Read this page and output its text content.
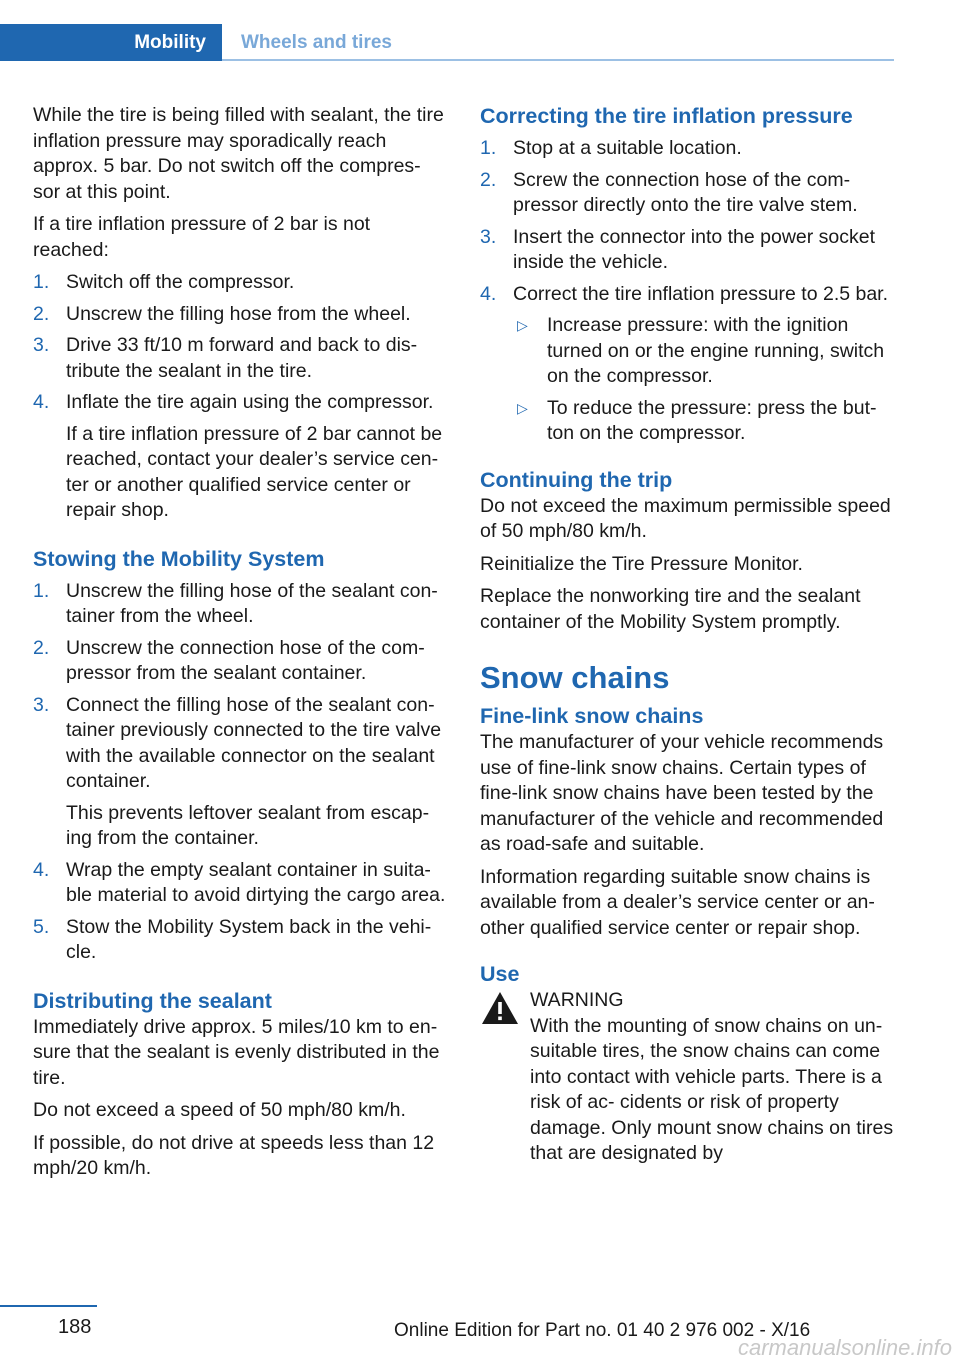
Mobility	Wheels and tires

While the tire is being filled with sealant, the tire inflation pressure may sporadically reach approx. 5 bar. Do not switch off the compres‐ sor at this point.

If a tire inflation pressure of 2 bar is not reached:

1. Switch off the compressor.
2. Unscrew the filling hose from the wheel.
3. Drive 33 ft/10 m forward and back to dis‐ tribute the sealant in the tire.
4. Inflate the tire again using the compressor.
If a tire inflation pressure of 2 bar cannot be reached, contact your dealer’s service cen‐ ter or another qualified service center or repair shop.
Stowing the Mobility System
1. Unscrew the filling hose of the sealant con‐ tainer from the wheel.
2. Unscrew the connection hose of the com‐ pressor from the sealant container.
3. Connect the filling hose of the sealant con‐ tainer previously connected to the tire valve with the available connector on the sealant container.
This prevents leftover sealant from escap‐ ing from the container.
4. Wrap the empty sealant container in suita‐ ble material to avoid dirtying the cargo area.
5. Stow the Mobility System back in the vehi‐ cle.
Distributing the sealant

Immediately drive approx. 5 miles/10 km to en‐ sure that the sealant is evenly distributed in the tire.

Do not exceed a speed of 50 mph/80 km/h.

If possible, do not drive at speeds less than 12 mph/20 km/h.

Correcting the tire inflation pressure
1. Stop at a suitable location.
2. Screw the connection hose of the com‐ pressor directly onto the tire valve stem.
3. Insert the connector into the power socket inside the vehicle.
4. Correct the tire inflation pressure to 2.5 bar.
▷ Increase pressure: with the ignition turned on or the engine running, switch on the compressor.
▷ To reduce the pressure: press the but‐ ton on the compressor.
Continuing the trip

Do not exceed the maximum permissible speed of 50 mph/80 km/h.

Reinitialize the Tire Pressure Monitor.

Replace the nonworking tire and the sealant container of the Mobility System promptly.

Snow chains
Fine-link snow chains

The manufacturer of your vehicle recommends use of fine-link snow chains. Certain types of fine-link snow chains have been tested by the manufacturer of the vehicle and recommended as road-safe and suitable.

Information regarding suitable snow chains is available from a dealer’s service center or an‐ other qualified service center or repair shop.

Use
WARNING
With the mounting of snow chains on un‐ suitable tires, the snow chains can come into contact with vehicle parts. There is a risk of ac‐ cidents or risk of property damage. Only mount snow chains on tires that are designated by
188	Online Edition for Part no. 01 40 2 976 002 - X/16
carmanualsonline.info
